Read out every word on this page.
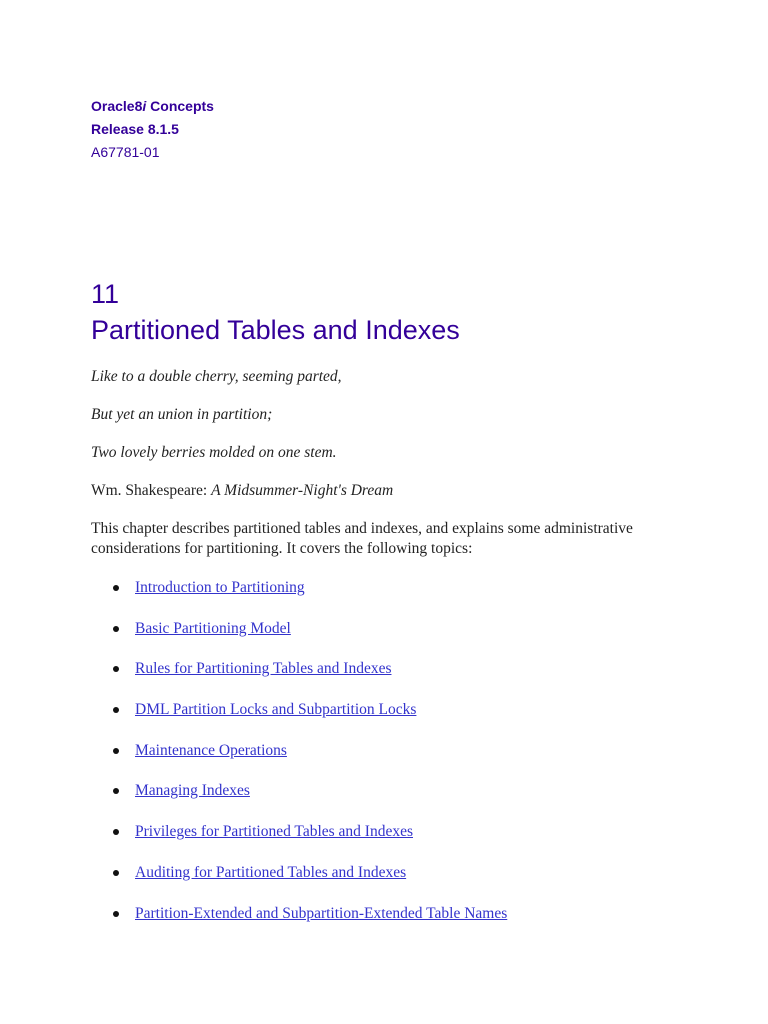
Oracle8i Concepts
Release 8.1.5
A67781-01
11
Partitioned Tables and Indexes

Like to a double cherry, seeming parted,

But yet an union in partition;

Two lovely berries molded on one stem.

Wm. Shakespeare: A Midsummer-Night's Dream

This chapter describes partitioned tables and indexes, and explains some administrative considerations for partitioning. It covers the following topics:

Introduction to Partitioning
Basic Partitioning Model
Rules for Partitioning Tables and Indexes
DML Partition Locks and Subpartition Locks
Maintenance Operations
Managing Indexes
Privileges for Partitioned Tables and Indexes
Auditing for Partitioned Tables and Indexes
Partition-Extended and Subpartition-Extended Table Names
